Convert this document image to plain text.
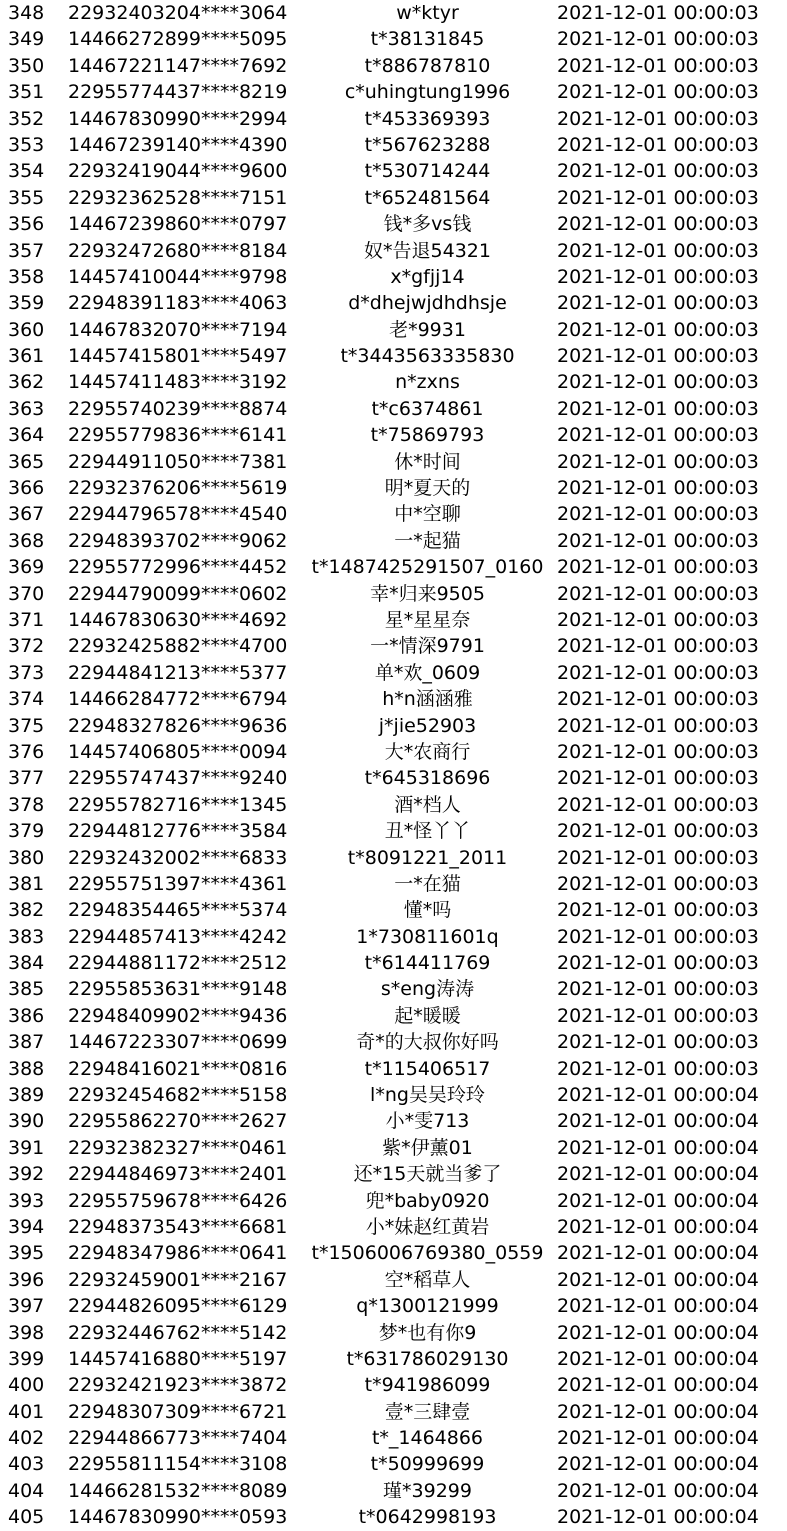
348	22932403204****3064	w*ktyr	2021-12-01 00:00:03
349	14466272899****5095	t*38131845	2021-12-01 00:00:03
350	14467221147****7692	t*886787810	2021-12-01 00:00:03
351	22955774437****8219	c*uhingtung1996	2021-12-01 00:00:03
352	14467830990****2994	t*453369393	2021-12-01 00:00:03
353	14467239140****4390	t*567623288	2021-12-01 00:00:03
354	22932419044****9600	t*530714244	2021-12-01 00:00:03
355	22932362528****7151	t*652481564	2021-12-01 00:00:03
356	14467239860****0797	钱*多vs钱	2021-12-01 00:00:03
357	22932472680****8184	奴*告退54321	2021-12-01 00:00:03
358	14457410044****9798	x*gfjj14	2021-12-01 00:00:03
359	22948391183****4063	d*dhejwjdhdhsje	2021-12-01 00:00:03
360	14467832070****7194	老*9931	2021-12-01 00:00:03
361	14457415801****5497	t*3443563335830	2021-12-01 00:00:03
362	14457411483****3192	n*zxns	2021-12-01 00:00:03
363	22955740239****8874	t*c6374861	2021-12-01 00:00:03
364	22955779836****6141	t*75869793	2021-12-01 00:00:03
365	22944911050****7381	休*时间	2021-12-01 00:00:03
366	22932376206****5619	明*夏天的	2021-12-01 00:00:03
367	22944796578****4540	中*空聊	2021-12-01 00:00:03
368	22948393702****9062	一*起猫	2021-12-01 00:00:03
369	22955772996****4452	t*1487425291507_0160 2021-12-01 00:00:03
370	22944790099****0602	幸*归来9505	2021-12-01 00:00:03
371	14467830630****4692	星*星星奈	2021-12-01 00:00:03
372	22932425882****4700	一*情深9791	2021-12-01 00:00:03
373	22944841213****5377	单*欢_0609	2021-12-01 00:00:03
374	14466284772****6794	h*n涵涵雅	2021-12-01 00:00:03
375	22948327826****9636	j*jie52903	2021-12-01 00:00:03
376	14457406805****0094	大*农商行	2021-12-01 00:00:03
377	22955747437****9240	t*645318696	2021-12-01 00:00:03
378	22955782716****1345	酒*档人	2021-12-01 00:00:03
379	22944812776****3584	丑*怪丫丫	2021-12-01 00:00:03
380	22932432002****6833	t*8091221_2011	2021-12-01 00:00:03
381	22955751397****4361	一*在猫	2021-12-01 00:00:03
382	22948354465****5374	懂*吗	2021-12-01 00:00:03
383	22944857413****4242	1*730811601q	2021-12-01 00:00:03
384	22944881172****2512	t*614411769	2021-12-01 00:00:03
385	22955853631****9148	s*eng涛涛	2021-12-01 00:00:03
386	22948409902****9436	起*暖暖	2021-12-01 00:00:03
387	14467223307****0699	奇*的大叔你好吗	2021-12-01 00:00:03
388	22948416021****0816	t*115406517	2021-12-01 00:00:03
389	22932454682****5158	l*ng吴吴玲玲	2021-12-01 00:00:04
390	22955862270****2627	小*雯713	2021-12-01 00:00:04
391	22932382327****0461	紫*伊薰01	2021-12-01 00:00:04
392	22944846973****2401	还*15天就当爹了	2021-12-01 00:00:04
393	22955759678****6426	兜*baby0920	2021-12-01 00:00:04
394	22948373543****6681	小*妹赵红黄岩	2021-12-01 00:00:04
395	22948347986****0641	t*1506006769380_0559 2021-12-01 00:00:04
396	22932459001****2167	空*稻草人	2021-12-01 00:00:04
397	22944826095****6129	q*1300121999	2021-12-01 00:00:04
398	22932446762****5142	梦*也有你9	2021-12-01 00:00:04
399	14457416880****5197	t*631786029130	2021-12-01 00:00:04
400	22932421923****3872	t*941986099	2021-12-01 00:00:04
401	22948307309****6721	壹*三肆壹	2021-12-01 00:00:04
402	22944866773****7404	t*_1464866	2021-12-01 00:00:04
403	22955811154****3108	t*50999699	2021-12-01 00:00:04
404	14466281532****8089	瑾*39299	2021-12-01 00:00:04
405	14467830990****0593	t*0642998193	2021-12-01 00:00:04
